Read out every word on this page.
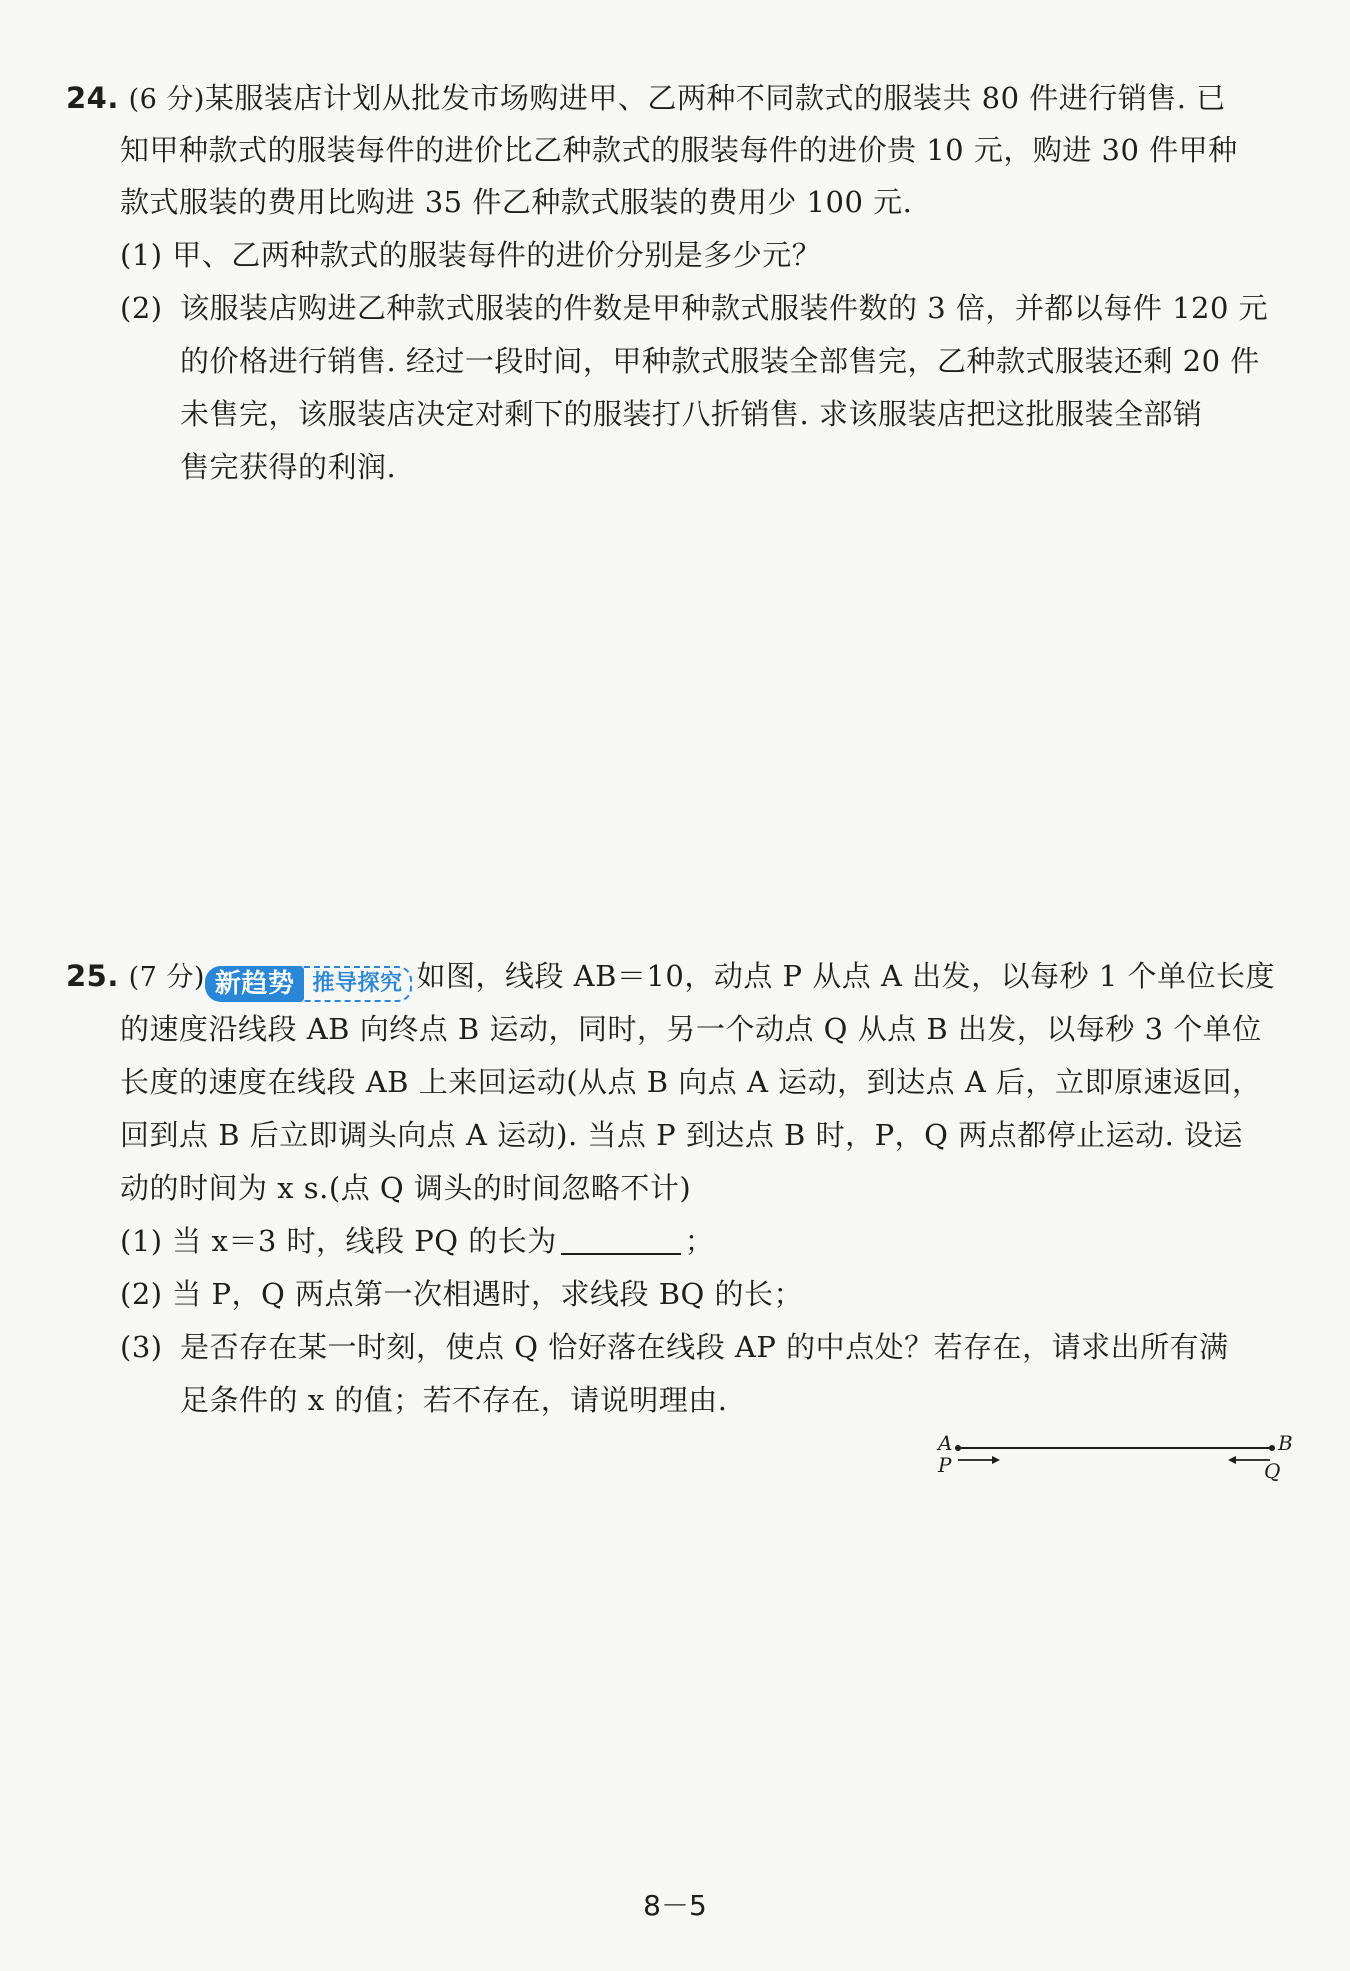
24. (6 分)某服装店计划从批发市场购进甲、乙两种不同款式的服装共 80 件进行销售. 已
知甲种款式的服装每件的进价比乙种款式的服装每件的进价贵 10 元，购进 30 件甲种
款式服装的费用比购进 35 件乙种款式服装的费用少 100 元.
(1) 甲、乙两种款式的服装每件的进价分别是多少元？
(2) 该服装店购进乙种款式服装的件数是甲种款式服装件数的 3 倍，并都以每件 120 元
的价格进行销售. 经过一段时间，甲种款式服装全部售完，乙种款式服装还剩 20 件
未售完，该服装店决定对剩下的服装打八折销售. 求该服装店把这批服装全部销
售完获得的利润.
25. (7 分) 新趋势 推导探究 如图，线段 AB＝10，动点 P 从点 A 出发，以每秒 1 个单位长度
的速度沿线段 AB 向终点 B 运动，同时，另一个动点 Q 从点 B 出发，以每秒 3 个单位
长度的速度在线段 AB 上来回运动(从点 B 向点 A 运动，到达点 A 后，立即原速返回，
回到点 B 后立即调头向点 A 运动). 当点 P 到达点 B 时，P，Q 两点都停止运动. 设运
动的时间为 x s.(点 Q 调头的时间忽略不计)
(1) 当 x＝3 时，线段 PQ 的长为	；
(2) 当 P，Q 两点第一次相遇时，求线段 BQ 的长；
(3) 是否存在某一时刻，使点 Q 恰好落在线段 AP 的中点处？若存在，请求出所有满
足条件的 x 的值；若不存在，请说明理由.
A	B
P	Q
8－5
